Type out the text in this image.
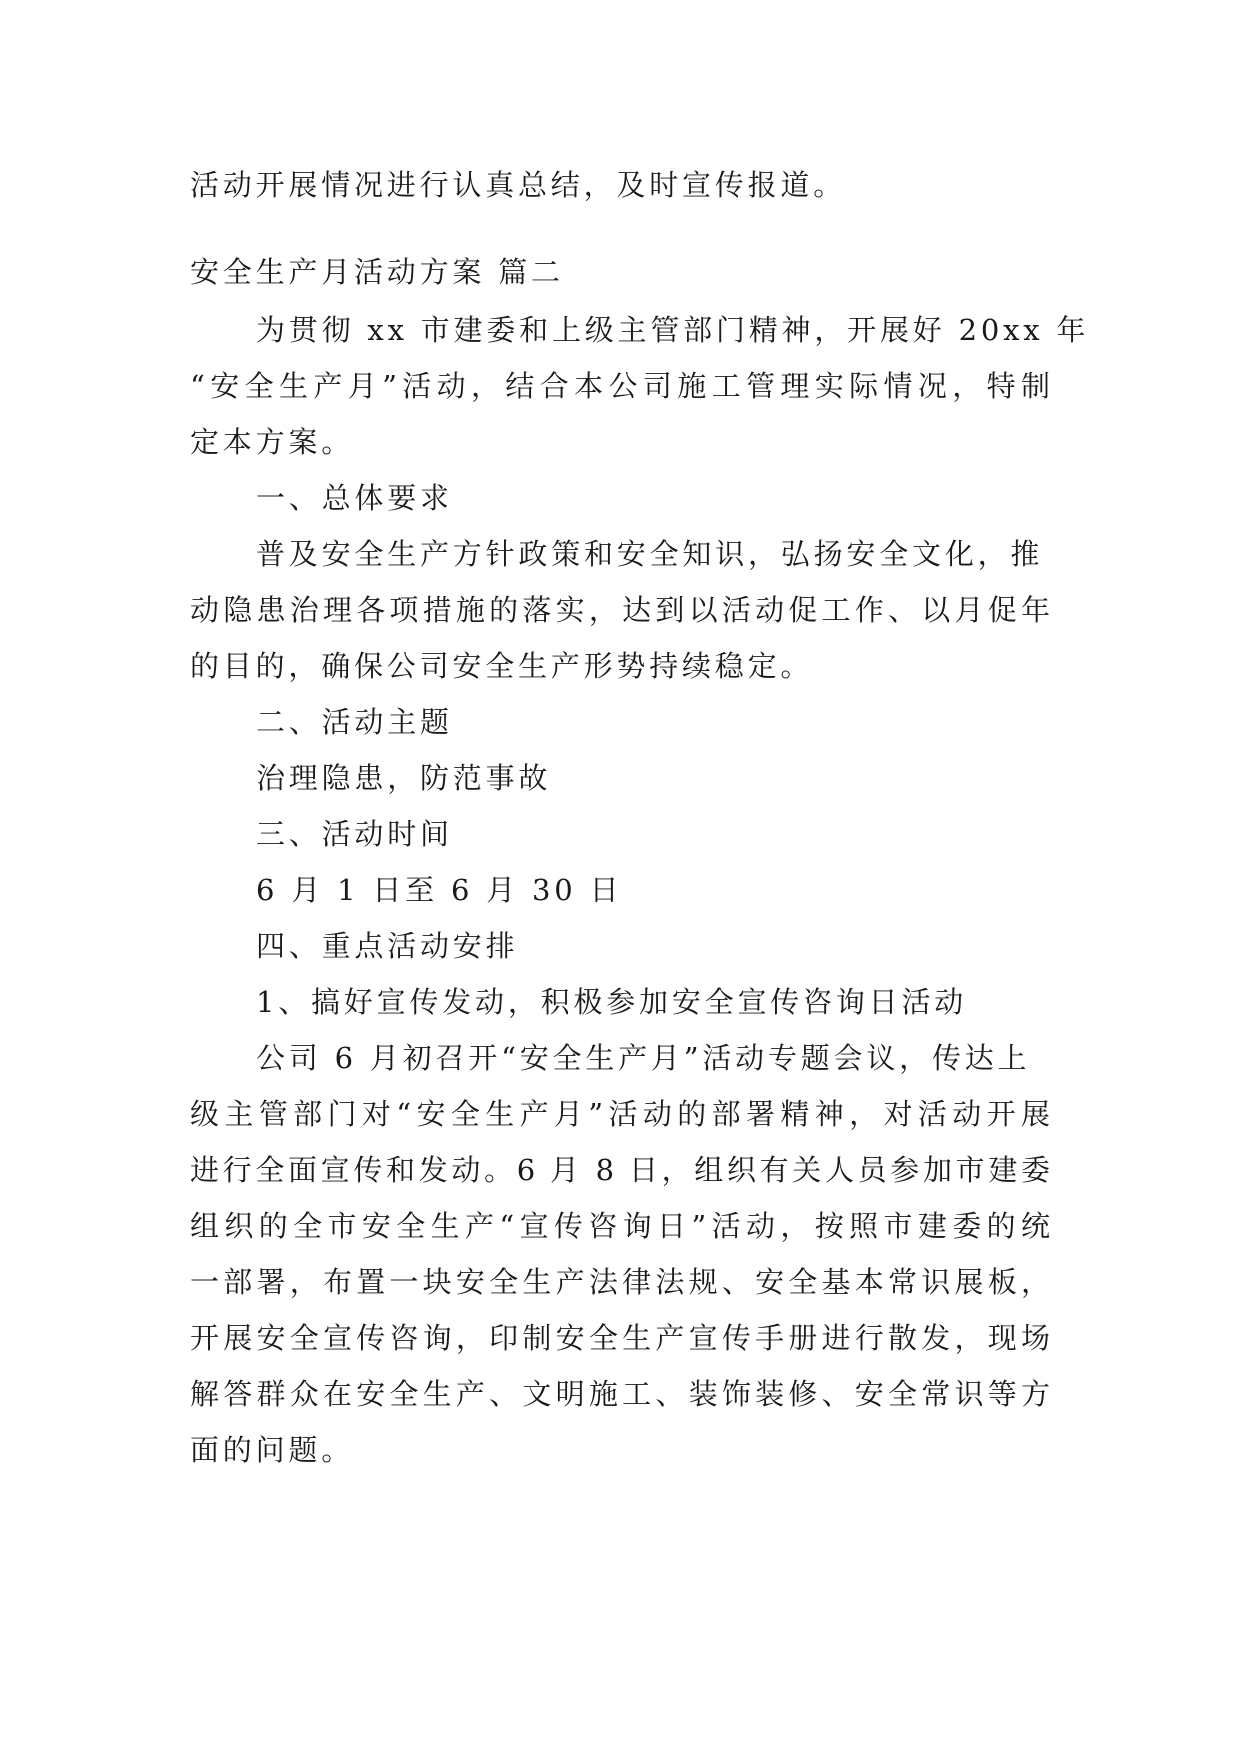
活动开展情况进行认真总结，及时宣传报道。
安全生产月活动方案 篇二
为贯彻 xx 市建委和上级主管部门精神，开展好 20xx 年
“安全生产月”活动，结合本公司施工管理实际情况，特制
定本方案。
一、总体要求
普及安全生产方针政策和安全知识，弘扬安全文化，推
动隐患治理各项措施的落实，达到以活动促工作、以月促年
的目的，确保公司安全生产形势持续稳定。
二、活动主题
治理隐患，防范事故
三、活动时间
6 月 1 日至 6 月 30 日
四、重点活动安排
1、搞好宣传发动，积极参加安全宣传咨询日活动
公司 6 月初召开“安全生产月”活动专题会议，传达上
级主管部门对“安全生产月”活动的部署精神，对活动开展
进行全面宣传和发动。6 月 8 日，组织有关人员参加市建委
组织的全市安全生产“宣传咨询日”活动，按照市建委的统
一部署，布置一块安全生产法律法规、安全基本常识展板，
开展安全宣传咨询，印制安全生产宣传手册进行散发，现场
解答群众在安全生产、文明施工、装饰装修、安全常识等方
面的问题。
